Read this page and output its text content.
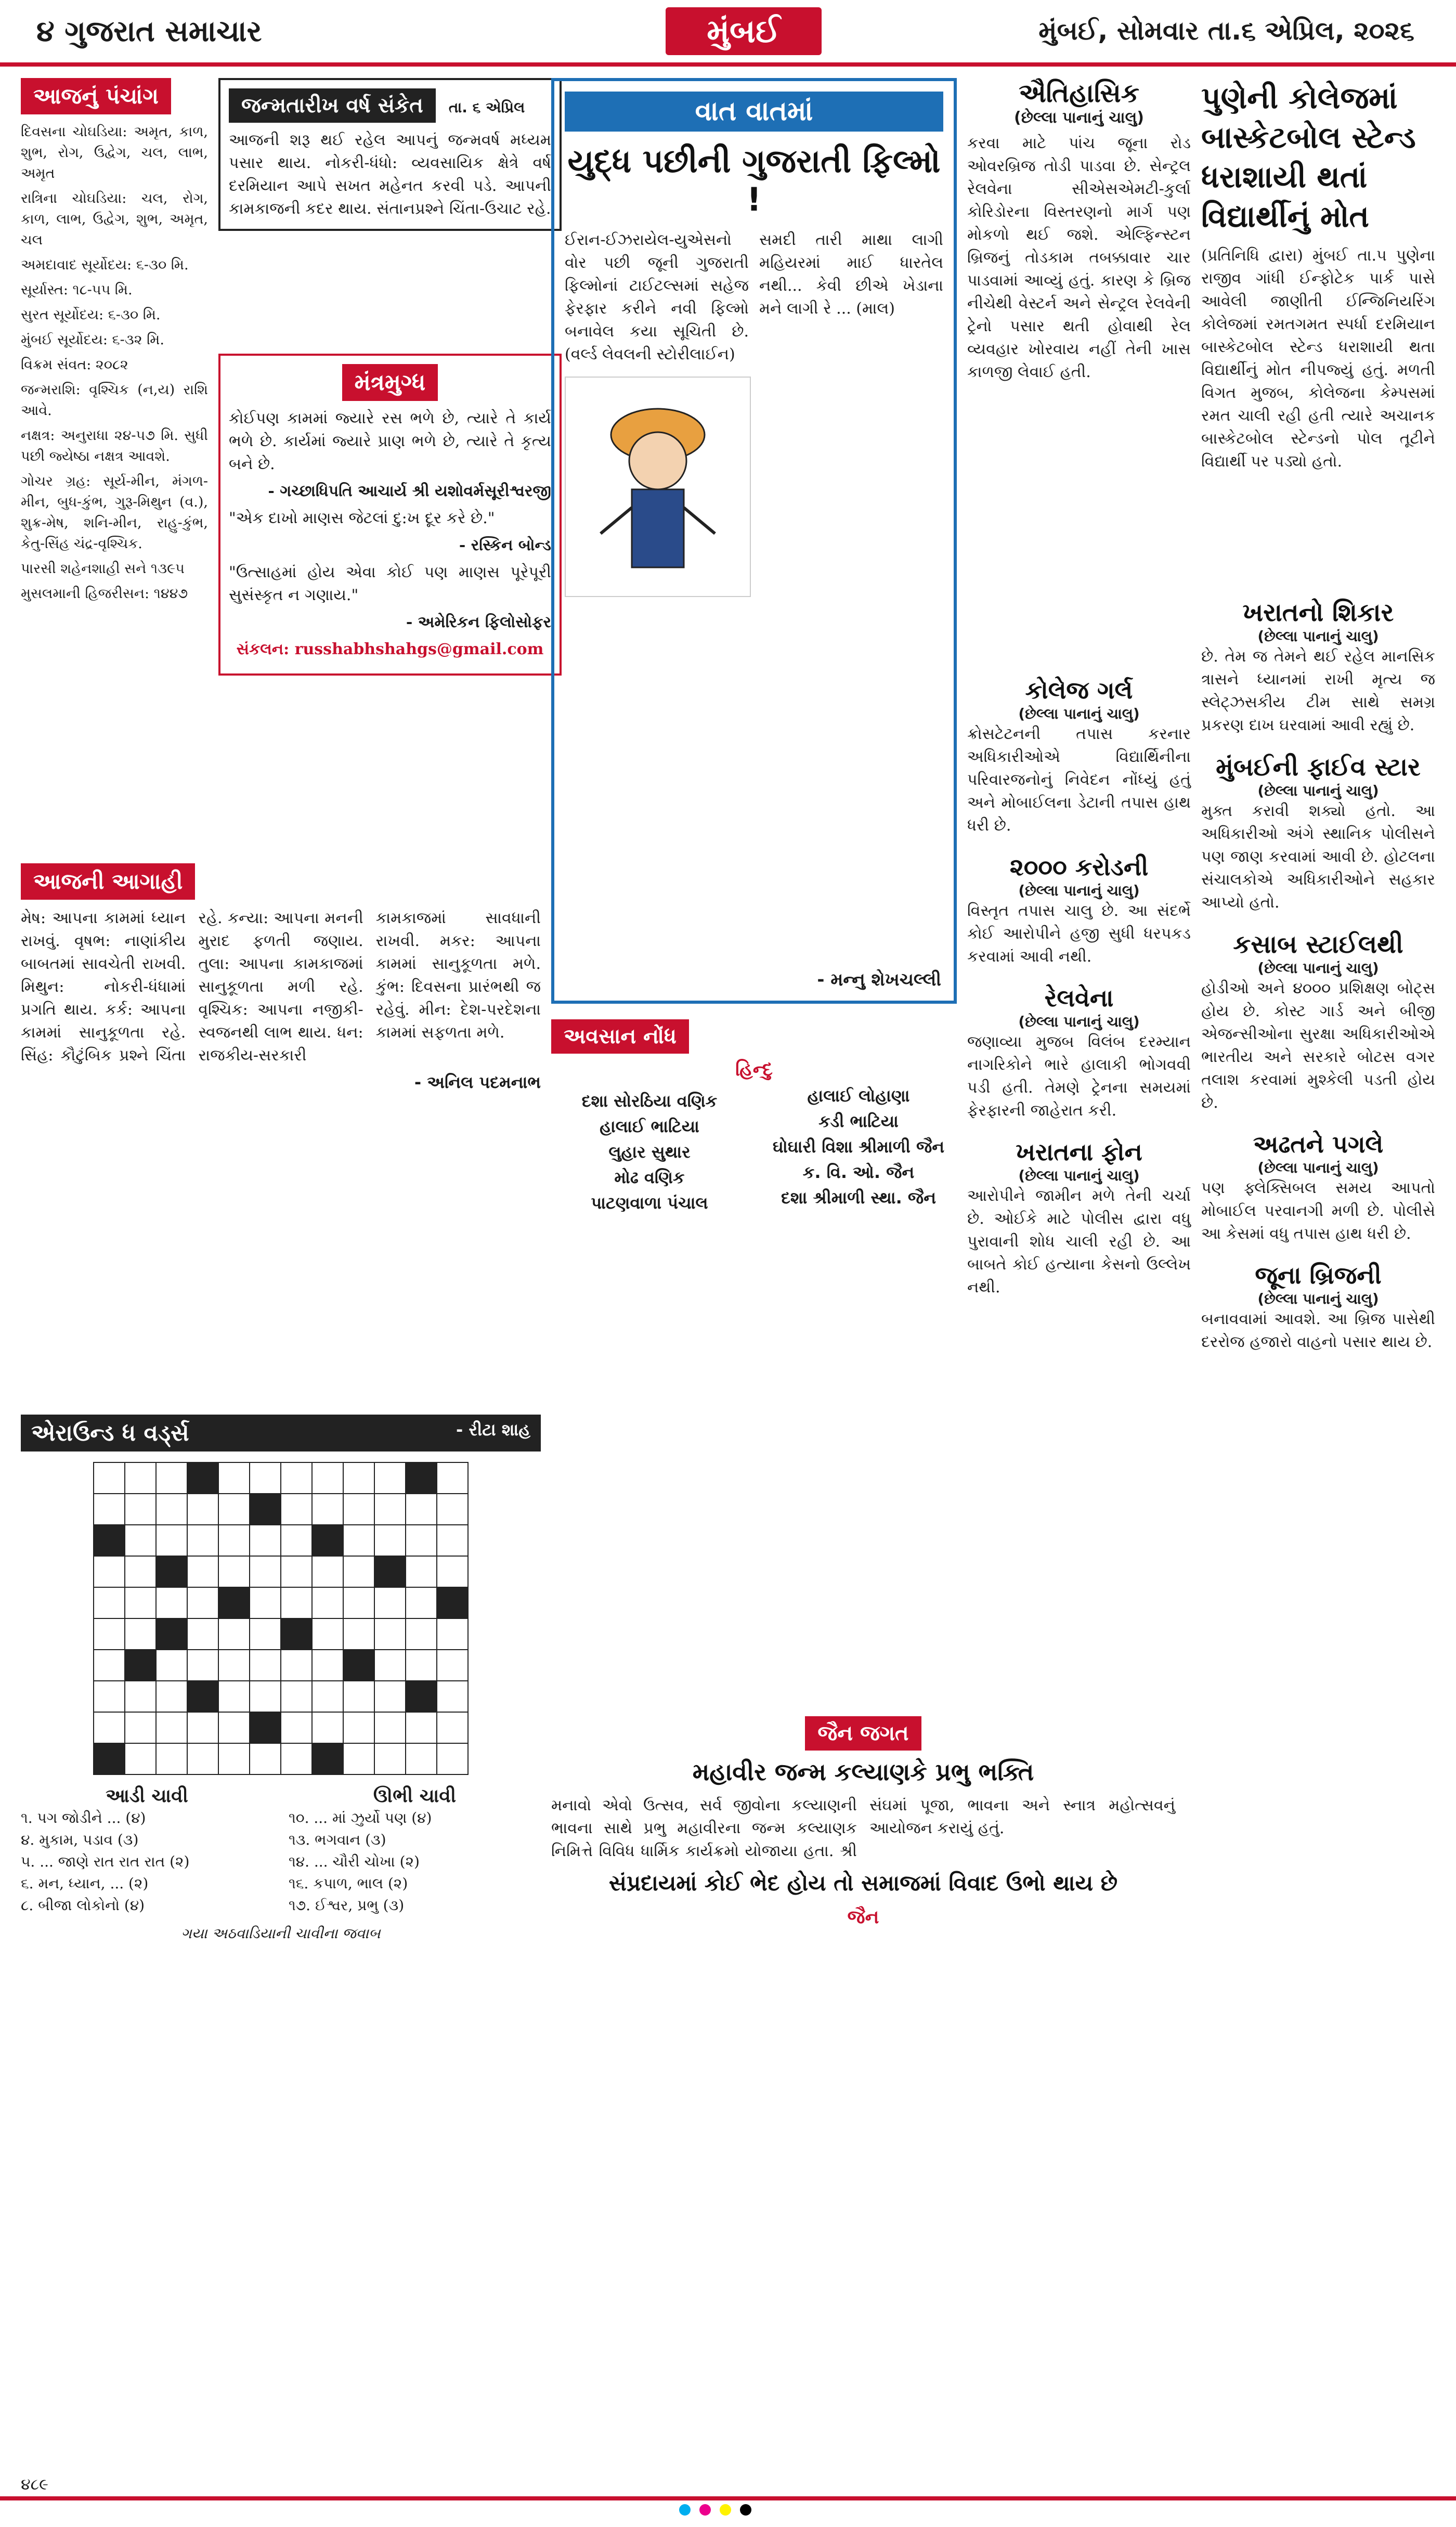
૪ ગુજરાત સમાચાર	મુંબઈ	મુંબઈ, સોમવાર તા.૬ એપ્રિલ, ૨૦૨૬
આજનું પંચાંગ

દિવસના ચોઘડિયા: અમૃત, કાળ, શુભ, રોગ, ઉદ્વેગ, ચલ, લાભ, અમૃત

રાત્રિના ચોઘડિયા: ચલ, રોગ, કાળ, લાભ, ઉદ્વેગ, શુભ, અમૃત, ચલ

અમદાવાદ સૂર્યોદય: ૬-૩૦ મિ.

સૂર્યાસ્ત: ૧૮-૫૫ મિ.

સુરત સૂર્યોદય: ૬-૩૦ મિ.

મુંબઈ સૂર્યોદય: ૬-૩૨ મિ.

વિક્રમ સંવત: ૨૦૮૨

જન્મરાશિ: વૃશ્ચિક (ન,ય) રાશિ આવે.

નક્ષત્ર: અનુરાધા ૨૪-૫૭ મિ. સુધી પછી જ્યેષ્ઠા નક્ષત્ર આવશે.

ગોચર ગ્રહ: સૂર્ય-મીન, મંગળ-મીન, બુધ-કુંભ, ગુરૂ-મિથુન (વ.), શુક્ર-મેષ, શનિ-મીન, રાહુ-કુંભ, કેતુ-સિંહ ચંદ્ર-વૃશ્ચિક.

પારસી શહેનશાહી સને ૧૩૯૫

મુસલમાની હિજરીસન: ૧૪૪૭

જન્મતારીખ વર્ષ સંકેત તા. ૬ એપ્રિલ
આજની શરૂ થઈ રહેલ આપનું જન્મવર્ષ મધ્યમ પસાર થાય. નોકરી-ધંધો: વ્યવસાયિક ક્ષેત્રે વર્ષ દરમિયાન આપે સખત મહેનત કરવી પડે. આપની કામકાજની કદર થાય. સંતાનપ્રશ્ને ચિંતા-ઉચાટ રહે.
મંત્રમુગ્ધ

કોઈપણ કામમાં જ્યારે રસ ભળે છે, ત્યારે તે કાર્ય ભળે છે. કાર્યમાં જ્યારે પ્રાણ ભળે છે, ત્યારે તે કૃત્ય બને છે.

- ગચ્છાધિપતિ આચાર્ય શ્રી યશોવર્મસૂરીશ્વરજી

"એક દાખો માણસ જેટલાં દુ:ખ દૂર કરે છે."

- રસ્કિન બોન્ડ

"ઉત્સાહમાં હોય એવા કોઈ પણ માણસ પૂરેપૂરી સુસંસ્કૃત ન ગણાય."

- અમેરિકન ફિલોસોફર

સંકલન: russhabhshahgs@gmail.com

આજની આગાહી
મેષ: આપના કામમાં ધ્યાન રાખવું. વૃષભ: નાણાંકીય બાબતમાં સાવચેતી રાખવી. મિથુન: નોકરી-ધંધામાં પ્રગતિ થાય. કર્ક: આપના કામમાં સાનુકૂળતા રહે. સિંહ: કૌટુંબિક પ્રશ્ને ચિંતા રહે. કન્યા: આપના મનની મુરાદ ફળતી જણાય. તુલા: આપના કામકાજમાં સાનુકૂળતા મળી રહે. વૃશ્ચિક: આપના નજીકી-સ્વજનથી લાભ થાય. ધન: રાજકીય-સરકારી કામકાજમાં સાવધાની રાખવી. મકર: આપના કામમાં સાનુકૂળતા મળે. કુંભ: દિવસના પ્રારંભથી જ રહેવું. મીન: દેશ-પરદેશના કામમાં સફળતા મળે.
- અનિલ પદમનાભ
એરાઉન્ડ ધ વર્ડ્સ	- રીટા શાહ

આડી ચાવી
૧. પગ જોડીને ... (૪)
૪. મુકામ, પડાવ (૩)
૫. ... જાણે રાત રાત રાત (૨)
૬. મન, ધ્યાન, ... (૨)
૮. બીજા લોકોનો (૪)
ઊભી ચાવી
૧૦. ... માં ઝુર્યો પણ (૪)
૧૩. ભગવાન (૩)
૧૪. ... ચૌરી ચોખા (૨)
૧૬. કપાળ, ભાલ (૨)
૧૭. ઈશ્વર, પ્રભુ (૩)
ગયા અઠવાડિયાની ચાવીના જવાબ
વાત વાતમાં
યુદ્ધ પછીની ગુજરાતી ફિલ્મો !
ઈરાન-ઈઝરાયેલ-યુએસનો વોર પછી જૂની ગુજરાતી ફિલ્મોનાં ટાઈટલ્સમાં સહેજ ફેરફાર કરીને નવી ફિલ્મો બનાવેલ કયા સૂચિતી છે. (વર્લ્ડ લેવલની સ્ટોરીલાઈન)
સમદી તારી માથા લાગી મહિયરમાં માઈ ધારતેલ નથી... કેવી છીએ ખેડાના મને લાગી રે ... (માલ)
- મન્નુ શેખચલ્લી
ઐતિહાસિક
(છેલ્લા પાનાનું ચાલુ)
કરવા માટે પાંચ જૂના રોડ ઓવરબ્રિજ તોડી પાડવા છે. સેન્ટ્રલ રેલવેના સીએસએમટી-કુર્લા કોરિડોરના વિસ્તરણનો માર્ગ પણ મોકળો થઈ જશે. એલ્ફિન્સ્ટન બ્રિજનું તોડકામ તબક્કાવાર ચાર પાડવામાં આવ્યું હતું. કારણ કે બ્રિજ નીચેથી વેસ્ટર્ન અને સેન્ટ્રલ રેલવેની ટ્રેનો પસાર થતી હોવાથી રેલ વ્યવહાર ખોરવાય નહીં તેની ખાસ કાળજી લેવાઈ હતી.
પુણેની કોલેજમાં બાસ્કેટબોલ સ્ટેન્ડ ધરાશાયી થતાં વિદ્યાર્થીનું મોત
(પ્રતિનિધિ દ્વારા) મુંબઈ તા.૫ પુણેના રાજીવ ગાંધી ઈન્ફોટેક પાર્ક પાસે આવેલી જાણીતી ઈન્જિનિયરિંગ કોલેજમાં રમતગમત સ્પર્ધા દરમિયાન બાસ્કેટબોલ સ્ટેન્ડ ધરાશાયી થતા વિદ્યાર્થીનું મોત નીપજ્યું હતું. મળતી વિગત મુજબ, કોલેજના કેમ્પસમાં રમત ચાલી રહી હતી ત્યારે અચાનક બાસ્કેટબોલ સ્ટેન્ડનો પોલ તૂટીને વિદ્યાર્થી પર પડ્યો હતો.
ખરાતનો શિકાર
(છેલ્લા પાનાનું ચાલુ)
છે. તેમ જ તેમને થઈ રહેલ માનસિક ત્રાસને ધ્યાનમાં રાખી મૃત્ય જ સ્લેટ્ઝસકીય ટીમ સાથે સમગ્ર પ્રકરણ દાખ ઘરવામાં આવી રહ્યું છે.
મુંબઈની ફાઈવ સ્ટાર
(છેલ્લા પાનાનું ચાલુ)
મુક્ત કરાવી શક્યો હતો. આ અધિકારીઓ અંગે સ્થાનિક પોલીસને પણ જાણ કરવામાં આવી છે. હોટલના સંચાલકોએ અધિકારીઓને સહકાર આપ્યો હતો.
કસાબ સ્ટાઈલથી
(છેલ્લા પાનાનું ચાલુ)
હોડીઓ અને ૪૦૦૦ પ્રશિક્ષણ બોટ્સ હોય છે. કોસ્ટ ગાર્ડ અને બીજી એજન્સીઓના સુરક્ષા અધિકારીઓએ ભારતીય અને સરકારે બોટસ વગર તલાશ કરવામાં મુશ્કેલી પડતી હોય છે.
અઢતને પગલે
(છેલ્લા પાનાનું ચાલુ)
પણ ફ્લેક્સિબલ સમય આપતો મોબાઈલ પરવાનગી મળી છે. પોલીસે આ કેસમાં વધુ તપાસ હાથ ધરી છે.
જૂના બ્રિજની
(છેલ્લા પાનાનું ચાલુ)
બનાવવામાં આવશે. આ બ્રિજ પાસેથી દરરોજ હજારો વાહનો પસાર થાય છે.
કોલેજ ગર્લ
(છેલ્લા પાનાનું ચાલુ)
ક્રોસટેટનની તપાસ કરનાર અધિકારીઓએ વિદ્યાર્થિનીના પરિવારજનોનું નિવેદન નોંધ્યું હતું અને મોબાઈલના ડેટાની તપાસ હાથ ધરી છે.
૨૦૦૦ કરોડની
(છેલ્લા પાનાનું ચાલુ)
વિસ્તૃત તપાસ ચાલુ છે. આ સંદર્ભે કોઈ આરોપીને હજી સુધી ધરપકડ કરવામાં આવી નથી.
રેલવેના
(છેલ્લા પાનાનું ચાલુ)
જણાવ્યા મુજબ વિલંબ દરમ્યાન નાગરિકોને ભારે હાલાકી ભોગવવી પડી હતી. તેમણે ટ્રેનના સમયમાં ફેરફારની જાહેરાત કરી.
ખરાતના ફોન
(છેલ્લા પાનાનું ચાલુ)
આરોપીને જામીન મળે તેની ચર્ચા છે. ઓઈકે માટે પોલીસ દ્વારા વધુ પુરાવાની શોધ ચાલી રહી છે. આ બાબતે કોઈ હત્યાના કેસનો ઉલ્લેખ નથી.
અવસાન નોંધ
હિન્દુ
દશા સોરઠિયા વણિક
હાલાઈ ભાટિયા
લુહાર સુથાર
મોઢ વણિક
પાટણવાળા પંચાલ
હાલાઈ લોહાણા
કડી ભાટિયા
ઘોઘારી વિશા શ્રીમાળી જૈન
ક. વિ. ઓ. જૈન
દશા શ્રીમાળી સ્થા. જૈન
જૈન જગત
મહાવીર જન્મ કલ્યાણકે પ્રભુ ભક્તિ
મનાવો એવો ઉત્સવ, સર્વ જીવોના કલ્યાણની ભાવના સાથે પ્રભુ મહાવીરના જન્મ કલ્યાણક નિમિત્તે વિવિધ ધાર્મિક કાર્યક્રમો યોજાયા હતા. શ્રી સંઘમાં પૂજા, ભાવના અને સ્નાત્ર મહોત્સવનું આયોજન કરાયું હતું.
સંપ્રદાયમાં કોઈ ભેદ હોય તો સમાજમાં વિવાદ ઉભો થાય છે
જૈન
૪૮૯
